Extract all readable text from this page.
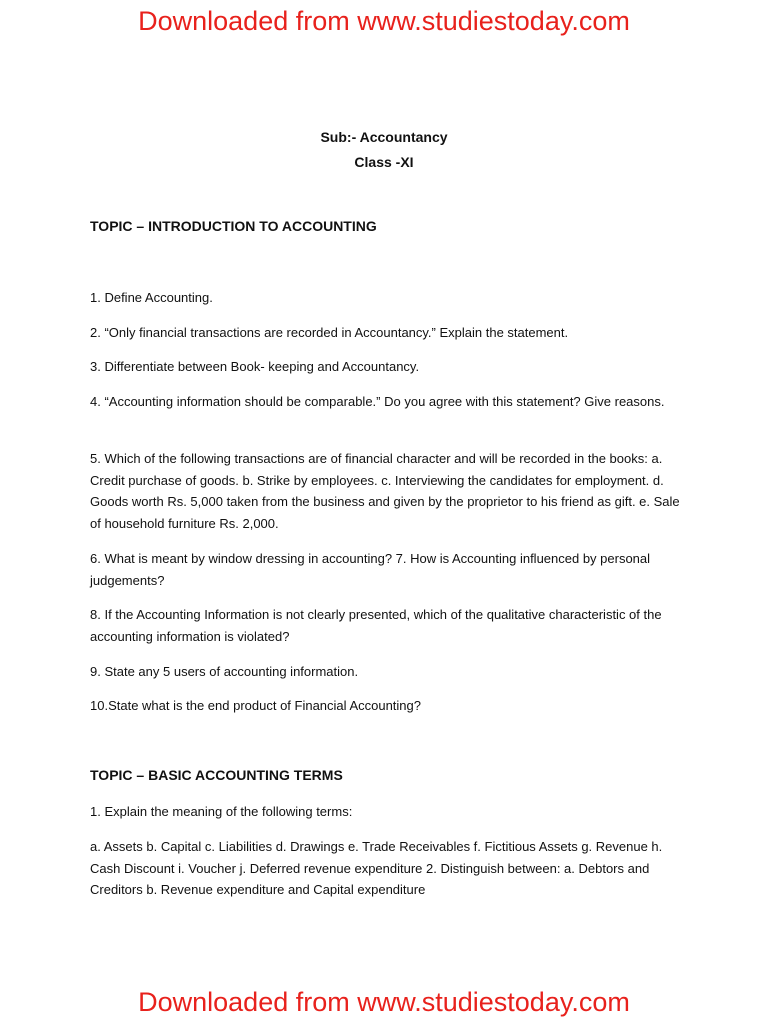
Downloaded from www.studiestoday.com
Sub:- Accountancy
Class -XI
TOPIC – INTRODUCTION TO ACCOUNTING
1. Define Accounting.
2. “Only financial transactions are recorded in Accountancy.” Explain the statement.
3. Differentiate between Book- keeping and Accountancy.
4. “Accounting information should be comparable.” Do you agree with this statement? Give reasons.
5. Which of the following transactions are of financial character and will be recorded in the books: a. Credit purchase of goods. b. Strike by employees. c. Interviewing the candidates for employment. d. Goods worth Rs. 5,000 taken from the business and given by the proprietor to his friend as gift. e. Sale of household furniture Rs. 2,000.
6. What is meant by window dressing in accounting? 7. How is Accounting influenced by personal judgements?
8. If the Accounting Information is not clearly presented, which of the qualitative characteristic of the accounting information is violated?
9. State any 5 users of accounting information.
10.State what is the end product of Financial Accounting?
TOPIC – BASIC ACCOUNTING TERMS
1. Explain the meaning of the following terms:
a. Assets b. Capital c. Liabilities d. Drawings e. Trade Receivables f. Fictitious Assets g. Revenue h. Cash Discount i. Voucher j. Deferred revenue expenditure 2. Distinguish between: a. Debtors and Creditors b. Revenue expenditure and Capital expenditure
Downloaded from www.studiestoday.com
